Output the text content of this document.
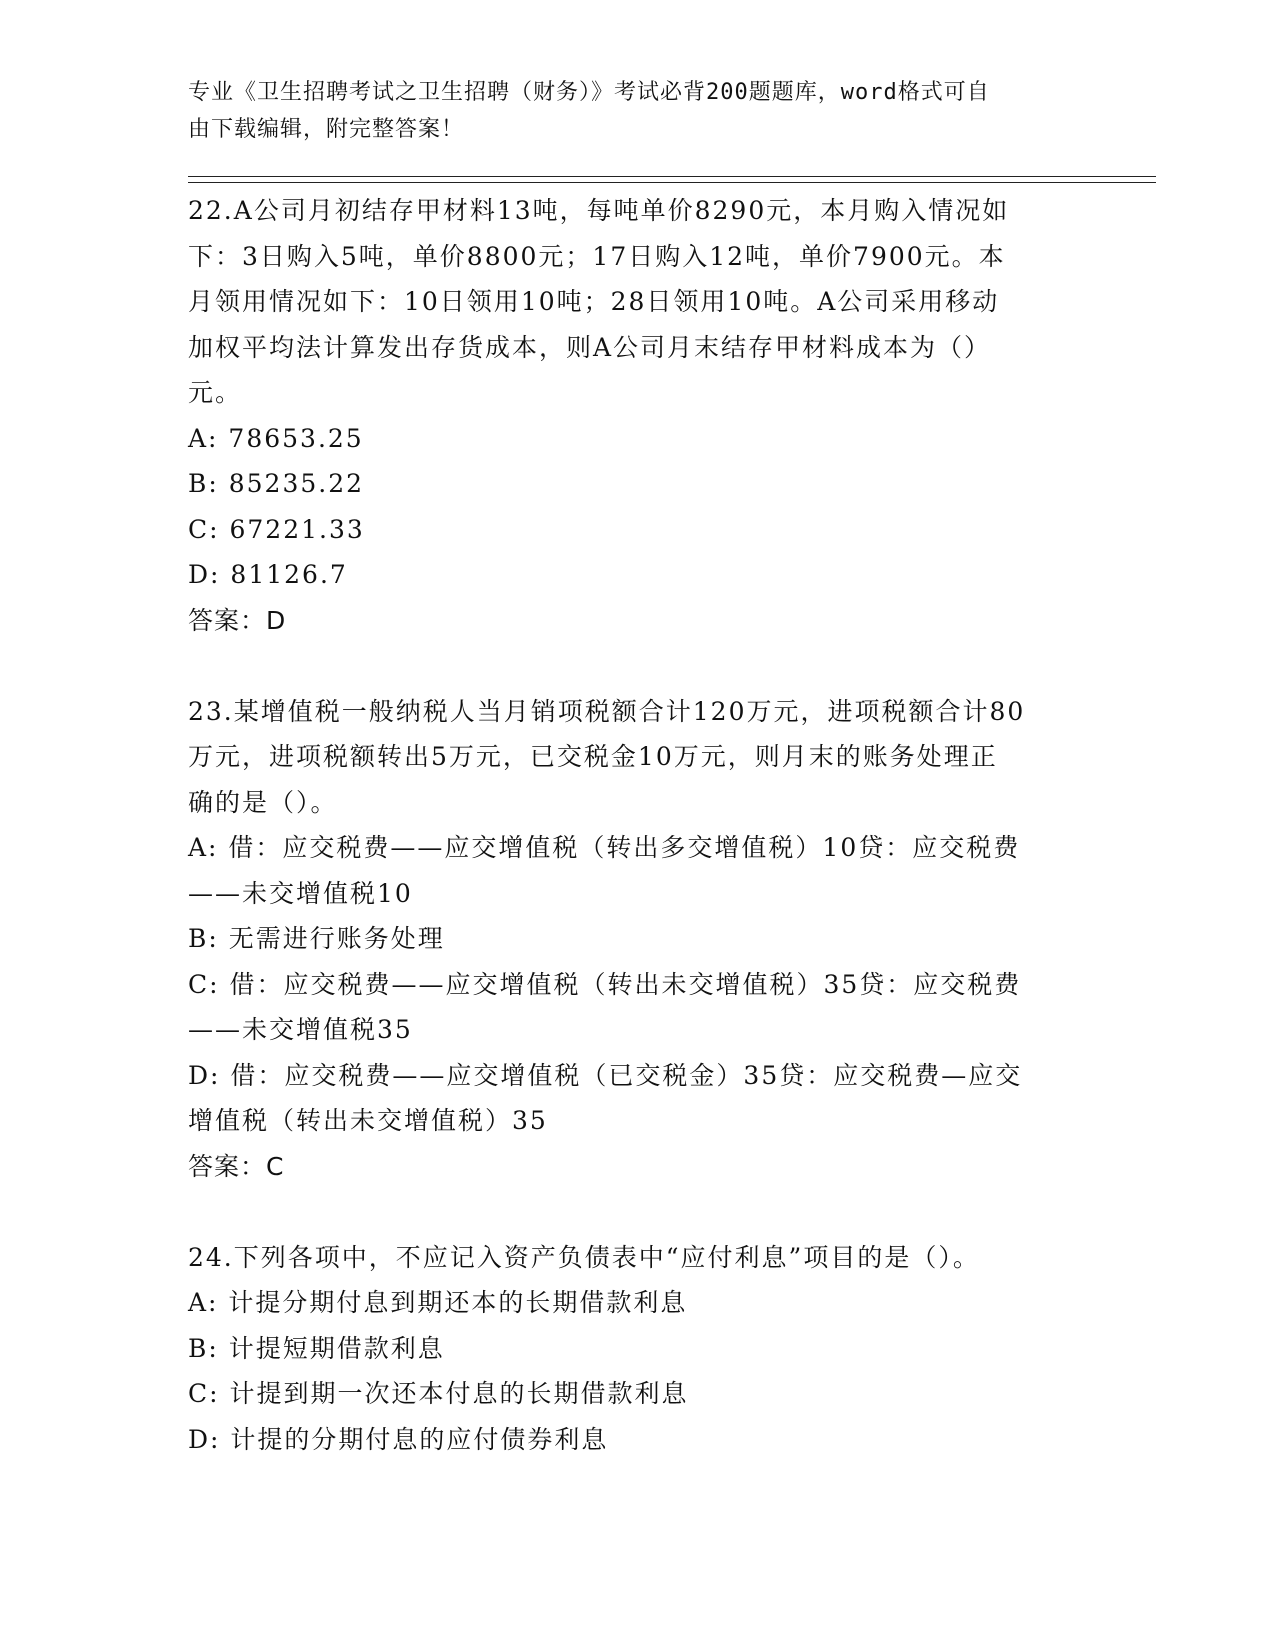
专业《卫生招聘考试之卫生招聘（财务）》考试必背200题题库，word格式可自
由下载编辑，附完整答案！

22.A公司月初结存甲材料13吨，每吨单价8290元，本月购入情况如

下：3日购入5吨，单价8800元；17日购入12吨，单价7900元。本

月领用情况如下：10日领用10吨；28日领用10吨。A公司采用移动

加权平均法计算发出存货成本，则A公司月末结存甲材料成本为（）

元。

A: 78653.25

B: 85235.22

C: 67221.33

D: 81126.7

答案：D

23.某增值税一般纳税人当月销项税额合计120万元，进项税额合计80

万元，进项税额转出5万元，已交税金10万元，则月末的账务处理正

确的是（）。

A: 借：应交税费——应交增值税（转出多交增值税）10贷：应交税费

——未交增值税10

B: 无需进行账务处理

C: 借：应交税费——应交增值税（转出未交增值税）35贷：应交税费

——未交增值税35

D: 借：应交税费——应交增值税（已交税金）35贷：应交税费—应交

增值税（转出未交增值税）35

答案：C

24.下列各项中，不应记入资产负债表中“应付利息”项目的是（）。

A: 计提分期付息到期还本的长期借款利息

B: 计提短期借款利息

C: 计提到期一次还本付息的长期借款利息

D: 计提的分期付息的应付债券利息
